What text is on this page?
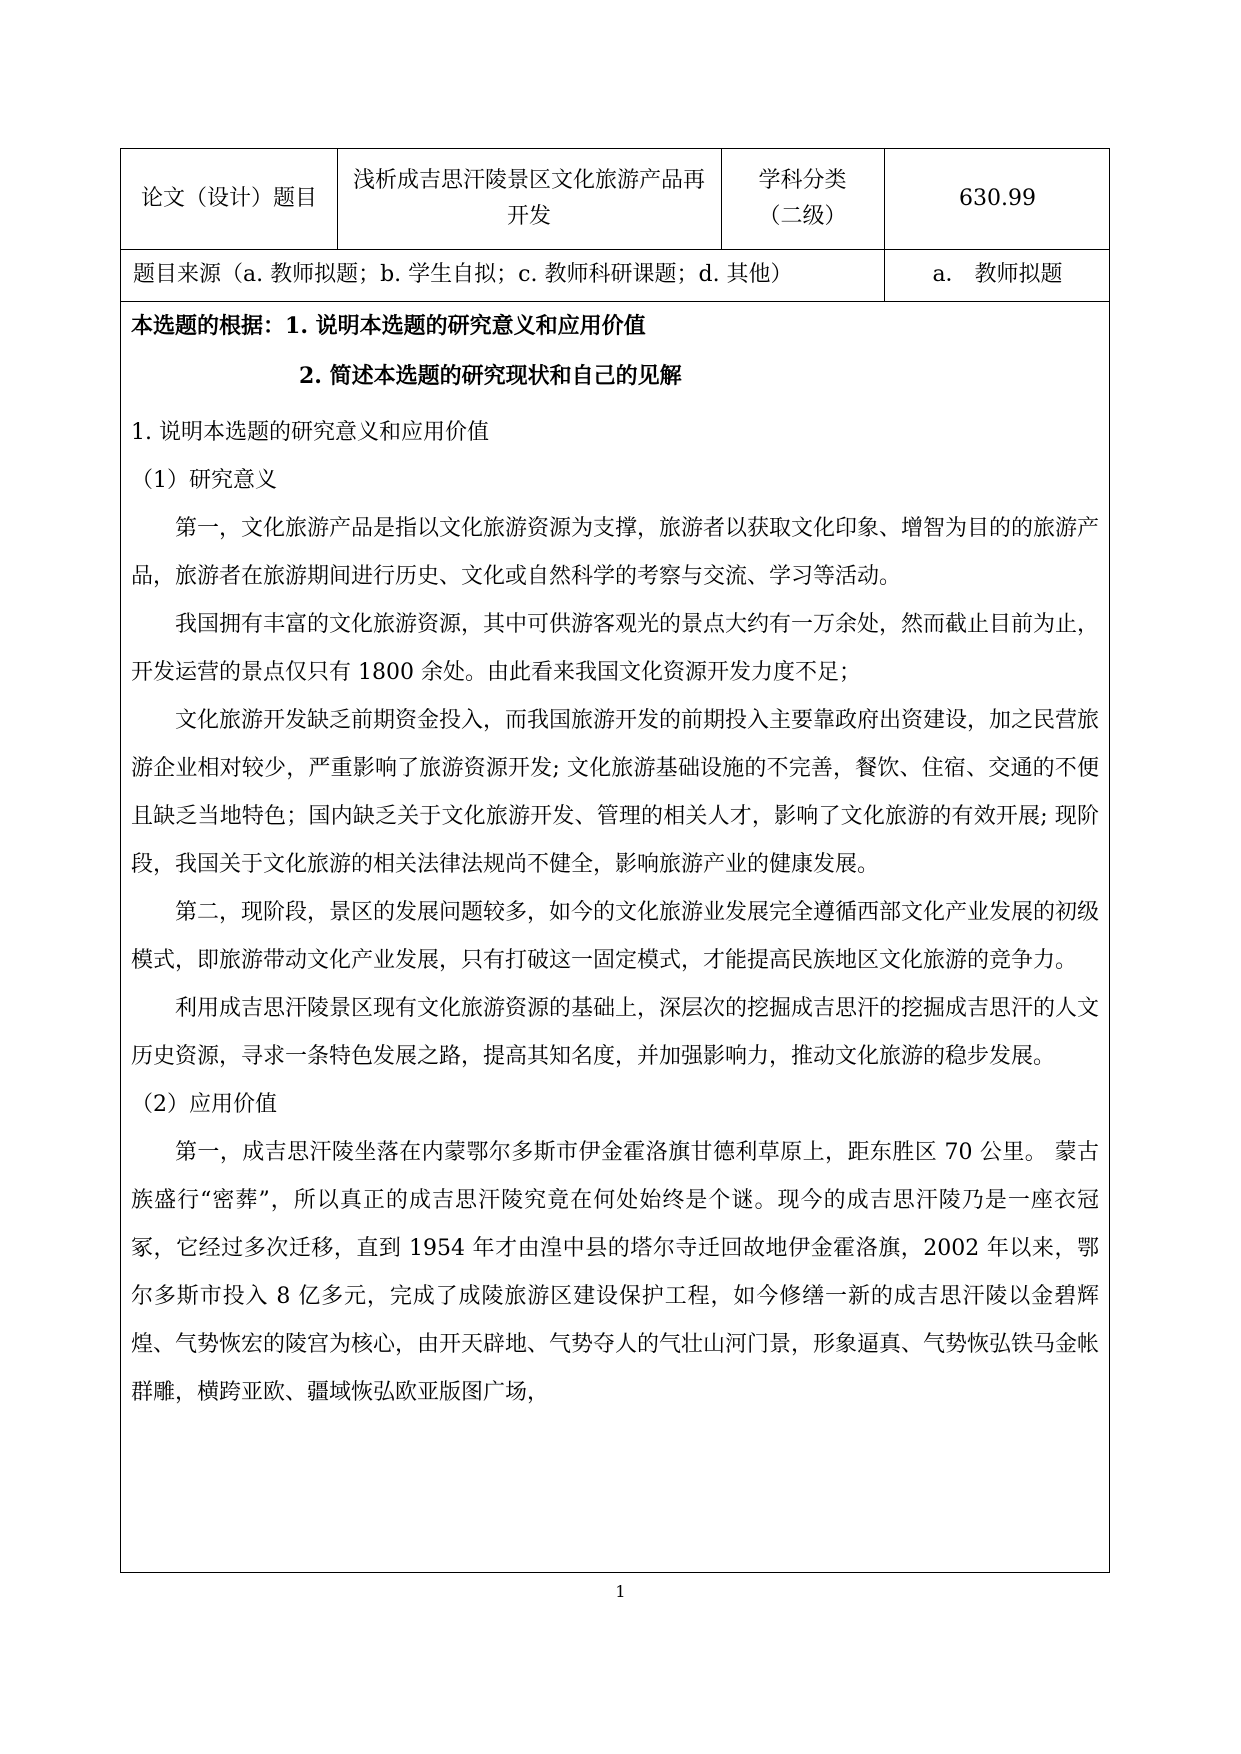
论文（设计）题目
浅析成吉思汗陵景区文化旅游产品再开发
学科分类（二级）
630.99
题目来源（a. 教师拟题；b. 学生自拟；c. 教师科研课题；d. 其他）	a． 教师拟题
本选题的根据：1. 说明本选题的研究意义和应用价值
2. 简述本选题的研究现状和自己的见解
1. 说明本选题的研究意义和应用价值
（1）研究意义
第一，文化旅游产品是指以文化旅游资源为支撑，旅游者以获取文化印象、增智为目的的旅游产品，旅游者在旅游期间进行历史、文化或自然科学的考察与交流、学习等活动。
我国拥有丰富的文化旅游资源，其中可供游客观光的景点大约有一万余处，然而截止目前为止，开发运营的景点仅只有 1800 余处。由此看来我国文化资源开发力度不足；
文化旅游开发缺乏前期资金投入，而我国旅游开发的前期投入主要靠政府出资建设，加之民营旅游企业相对较少，严重影响了旅游资源开发; 文化旅游基础设施的不完善，餐饮、住宿、交通的不便且缺乏当地特色；国内缺乏关于文化旅游开发、管理的相关人才，影响了文化旅游的有效开展; 现阶段，我国关于文化旅游的相关法律法规尚不健全，影响旅游产业的健康发展。
第二，现阶段，景区的发展问题较多，如今的文化旅游业发展完全遵循西部文化产业发展的初级模式，即旅游带动文化产业发展，只有打破这一固定模式，才能提高民族地区文化旅游的竞争力。
利用成吉思汗陵景区现有文化旅游资源的基础上，深层次的挖掘成吉思汗的挖掘成吉思汗的人文历史资源，寻求一条特色发展之路，提高其知名度，并加强影响力，推动文化旅游的稳步发展。
（2）应用价值
第一，成吉思汗陵坐落在内蒙鄂尔多斯市伊金霍洛旗甘德利草原上，距东胜区 70 公里。 蒙古族盛行“密葬”，所以真正的成吉思汗陵究竟在何处始终是个谜。现今的成吉思汗陵乃是一座衣冠冢，它经过多次迁移，直到 1954 年才由湟中县的塔尔寺迁回故地伊金霍洛旗，2002 年以来，鄂尔多斯市投入 8 亿多元，完成了成陵旅游区建设保护工程，如今修缮一新的成吉思汗陵以金碧辉煌、气势恢宏的陵宫为核心，由开天辟地、气势夺人的气壮山河门景，形象逼真、气势恢弘铁马金帐群雕，横跨亚欧、疆域恢弘欧亚版图广场，
1
